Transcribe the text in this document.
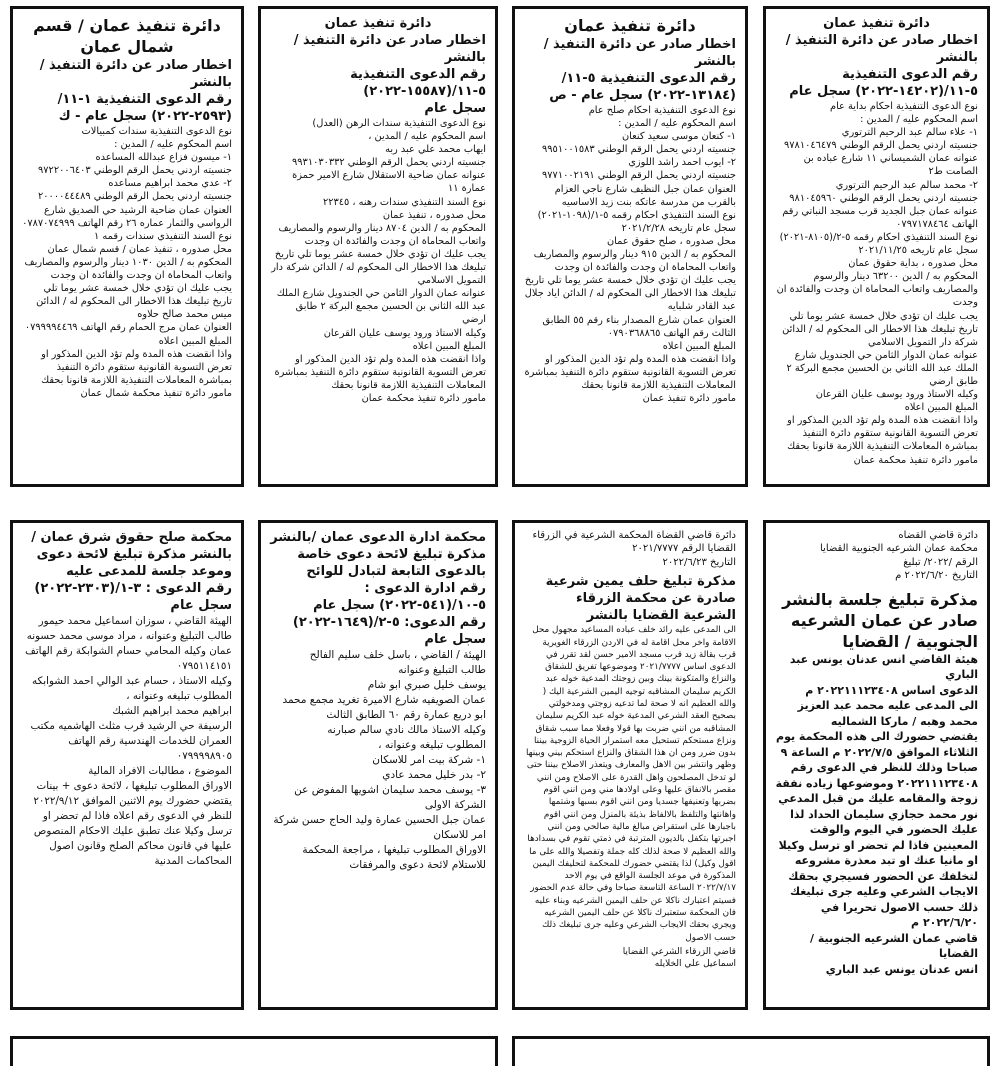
دائرة تنفيذ عمان

اخطار صادر عن دائرة التنفيذ / بالنشر

رقم الدعوى التنفيذية ٥-١١/(١٤٢٠٢-٢٠٢٢) سجل عام

نوع الدعوى التنفيذية احكام بداية عام

اسم المحكوم عليه / المدين :

١- علاء سالم عبد الرحيم الترتوري

جنسيته اردني يحمل الرقم الوطني ٩٧٨١٠٤٦٤٧٩

عنوانه عمان الشميساني ١١ شارع عباده بن الصامت ط٢

٢- محمد سالم عبد الرحيم الترتوري

جنسيته اردني يحمل الرقم الوطني ٩٨١٠٤٥٩٦٠

عنوانه عمان جبل الجديد قرب مسجد النباتي رقم الهاتف ٠٧٩٧١٧٨٤٦٤

نوع السند التنفيذي احكام رقمه ٥-٢/(٨١٠٥-٢٠٢١) سجل عام تاريخه ٢٠٢١/١١/٢٥

محل صدوره ، بداية حقوق عمان

المحكوم به / الدين ٦٣٢٠٠ دينار والرسوم والمصاريف واتعاب المحاماة ان وجدت والفائدة ان وجدت

يجب عليك ان تؤدي خلال خمسة عشر يوما تلي تاريخ تبليغك هذا الاخطار الى المحكوم له / الدائن شركة دار التمويل الاسلامي

عنوانه عمان الدوار الثامن حي الجندويل شارع الملك عبد الله الثاني بن الحسين مجمع البركة ٢ طابق ارضي

وكيله الاستاذ ورود يوسف عليان القرعان

المبلغ المبين اعلاه

واذا انقضت هذه المدة ولم تؤد الدين المذكور او تعرض التسوية القانونية ستقوم دائرة التنفيذ بمباشرة المعاملات التنفيذية اللازمة قانونا بحقك

مامور دائرة تنفيذ محكمة عمان

دائرة تنفيذ عمان

اخطار صادر عن دائرة التنفيذ / بالنشر

رقم الدعوى التنفيذية ٥-١١/ (١٣١٨٤-٢٠٢٢) سجل عام - ص

نوع الدعوى التنفيذية احكام صلح عام

اسم المحكوم عليه / المدين :

١- كنعان موسى سعيد كنعان

جنسيته اردني يحمل الرقم الوطني ٩٩٥١٠٠١٥٨٣

٢- ايوب احمد راشد اللوزي

جنسيته اردني يحمل الرقم الوطني ٩٧٧١٠٠٢١٩١

العنوان عمان جبل النظيف شارع ناجي العزام بالقرب من مدرسة عاتكه بنت زيد الاساسيه

نوع السند التنفيذي احكام رقمه ٥-١/(١٠٩٨-٢٠٢١) سجل عام تاريخه ٢٠٢١/٢/٢٨

محل صدوره ، صلح حقوق عمان

المحكوم به / الدين ٩١٥ دينار والرسوم والمصاريف واتعاب المحاماة ان وجدت والفائدة ان وجدت

يجب عليك ان تؤدي خلال خمسة عشر يوما تلي تاريخ تبليغك هذا الاخطار الى المحكوم له / الدائن اياد جلال عبد القادر شلبايه

العنوان عمان شارع المصدار بناء رقم ٥٥ الطابق الثالث رقم الهاتف ٠٧٩٠٣٦٨٨٦٥

المبلغ المبين اعلاه

واذا انقضت هذه المدة ولم تؤد الدين المذكور او تعرض التسوية القانونية ستقوم دائرة التنفيذ بمباشرة المعاملات التنفيذية اللازمة قانونا بحقك

مامور دائرة تنفيذ عمان

دائرة تنفيذ عمان

اخطار صادر عن دائرة التنفيذ / بالنشر

رقم الدعوى التنفيذية ٥-١١/(١٥٥٨٧-٢٠٢٢)

سجل عام

نوع الدعوى التنفيذية سندات الرهن (العدل)

اسم المحكوم عليه / المدين ،

ايهاب محمد علي عبد ربه

جنسيته اردني يحمل الرقم الوطني ٩٩٣١٠٣٠٣٣٢

عنوانه عمان ضاحية الاستقلال شارع الامير حمزة عمارة ١١

نوع السند التنفيذي سندات رهنه ، ٢٢٣٤٥

محل صدوره ، تنفيذ عمان

المحكوم به / الدين ٨٧٠٤ دينار والرسوم والمصاريف واتعاب المحاماة ان وجدت والفائدة ان وجدت

يجب عليك ان تؤدي خلال خمسة عشر يوما تلي تاريخ تبليغك هذا الاخطار الى المحكوم له / الدائن شركة دار التمويل الاسلامي

عنوانه عمان الدوار الثامن حي الجندويل شارع الملك عبد الله الثاني بن الحسين مجمع البركة ٢ طابق ارضي

وكيله الاستاذ ورود يوسف عليان القرعان

المبلغ المبين اعلاه

واذا انقضت هذه المدة ولم تؤد الدين المذكور او تعرض التسوية القانونية ستقوم دائرة التنفيذ بمباشرة المعاملات التنفيذية اللازمة قانونا بحقك

مامور دائرة تنفيذ محكمة عمان

دائرة تنفيذ عمان / قسم شمال عمان

اخطار صادر عن دائرة التنفيذ / بالنشر

رقم الدعوى التنفيذية ١-١١/ (٢٥٩٣-٢٠٢٢) سجل عام - ك

نوع الدعوى التنفيذية سندات كمبيالات

اسم المحكوم عليه / المدين :

١- ميسون فزاع عبدالله المساعده

جنسيته اردني يحمل الرقم الوطني ٩٧٢٢٠٠٦٤٠٣

٢- عدي محمد ابراهيم مساعده

جنسيته اردني يحمل الرقم الوطني ٢٠٠٠٠٤٤٤٨٩

العنوان عمان ضاحية الرشيد حي الصديق شارع الرواسي والثمار عماره ٢٦ رقم الهاتف ٠٧٨٧٠٧٤٩٩٩

نوع السند التنفيذي سندات رقمه ١

محل صدوره ، تنفيذ عمان / قسم شمال عمان

المحكوم به / الدين ١٠٣٠ دينار والرسوم والمصاريف واتعاب المحاماة ان وجدت والفائدة ان وجدت

يجب عليك ان تؤدي خلال خمسة عشر يوما تلي تاريخ تبليغك هذا الاخطار الى المحكوم له / الدائن ميس محمد صالح حلاوه

العنوان عمان مرج الحمام رقم الهاتف ٠٧٩٩٩٩٤٤٦٩

المبلغ المبين اعلاه

واذا انقضت هذه المدة ولم تؤد الدين المذكور او تعرض التسوية القانونية ستقوم دائرة التنفيذ بمباشرة المعاملات التنفيذية اللازمة قانونا بحقك

مامور دائرة تنفيذ محكمة شمال عمان

دائرة قاضي القضاه

محكمة عمان الشرعيه الجنوبية القضايا

الرقم /٢٠٢٢/ تبليغ

التاريخ ٢٠٢٢/٦/٢٠ م

مذكرة تبليغ جلسة بالنشر صادر عن عمان الشرعيه الجنوبية / القضايا

هيئة القاضي انس عدنان يونس عبد الباري

الدعوى اساس ٢٠٢٢١١١٢٣٤٠٨ م

الى المدعى عليه محمد عبد العزيز محمد وهبه / ماركا الشماليه

يقتضي حضورك الى هذه المحكمة يوم الثلاثاء الموافق ٢٠٢٢/٧/٥ م الساعة ٩ صباحا وذلك للنظر في الدعوى رقم ٢٠٢٢١١١٢٣٤٠٨ وموضوعها زياده نفقة زوجة والمقامه عليك من قبل المدعي نور محمد حجازي سليمان الحداد لذا عليك الحضور في اليوم والوقت المعينين فاذا لم تحضر او ترسل وكيلا او مانيا عنك او تبد معذرة مشروعه لتخلفك عن الحضور فسيجري بحقك الايجاب الشرعي وعليه جرى تبليغك ذلك حسب الاصول تحريرا في ٢٠٢٢/٦/٢٠ م

قاضي عمان الشرعيه الجنوبية / القضايا

انس عدنان يونس عبد الباري

دائرة قاضي القضاة المحكمة الشرعية في الزرقاء

القضايا الرقم ٢٠٢١/٧٧٧٧

التاريخ ٢٠٢٢/٦/٢٣

مذكرة تبليغ حلف يمين شرعية صادرة عن محكمة الزرقاء الشرعية القضايا بالنشر

الى المدعى عليه رائد خلف عباده المساعيد مجهول محل الاقامة واخر محل اقامة له في الاردن الزرقاء الغويرية قرب بقالة زيد قرب مسجد الامير حسن لقد تقرر في الدعوى اساس ٢٠٢١/٧٧٧٧ وموضوعها تفريق للشقاق والنزاع والمتكونة بينك وبين زوجتك المدعية خوله عبد الكريم سليمان المشاقبه توجيه اليمين الشرعية اليك ( والله العظيم انه لا صحة لما تدعيه زوجتي ومدخولتي بصحيح العقد الشرعي المدعية خوله عبد الكريم سليمان المشاقبه من انني ضربت بها قولا وفعلا مما سبب شقاق ونزاع مستحكم تستحيل معه استمرار الحياة الزوجية بيننا بدون ضرر ومن ان هذا الشقاق والنزاع استحكم بيني وبينها وظهر وانتشر بين الاهل والمعارف ويتعذر الاصلاح بيننا حتى لو تدخل المصلحون واهل القدرة على الاصلاح ومن انني مقصر بالانفاق عليها وعلى اولادها مني ومن انني اقوم بضربها وتعنيفها جسديا ومن انني اقوم بسبها وشتمها واهانتها والتلفظ بالالفاظ بذيئة بالمنزل ومن انني اقوم باجبارها على استقراض مبالغ مالية صالحي ومن انني اجبرتها بتكفل بالديون المترتبة في ذمتي تقوم في بسدادها والله العظيم لا صحة لذلك كله جملة وتفصيلا والله على ما اقول وكيل) لذا يقتضي حضورك للمحكمة لتحليفك اليمين المذكورة في موعد الجلسة الواقع في يوم الاحد ٢٠٢٢/٧/١٧ الساعة التاسعة صباحا وفي حالة عدم الحضور فسيتم اعتبارك ناكلا عن حلف اليمين الشرعيه وبناء عليه فان المحكمة ستعتبرك ناكلا عن حلف اليمين الشرعيه ويجري بحقك الايجاب الشرعي وعليه جرى تبليغك ذلك حسب الاصول

قاضي الزرقاء الشرعي القضايا

اسماعيل علي الخلايله

محكمة ادارة الدعوى عمان /بالنشر

مذكرة تبليغ لائحة دعوى خاصة بالدعوى التابعة لتبادل للوائح

رقم ادارة الدعوى : ٥-١٠/(٥٤١-٢٠٢٢) سجل عام

رقم الدعوى: ٥-٢/(١٦٤٩-٢٠٢٢)

سجل عام

الهيئة / القاضي ، باسل خلف سليم الفالح

طالب التبليغ وعنوانه

يوسف خليل صبري ابو شام

عمان الصويفيه شارع الاميرة تغريد مجمع محمد ابو دريع عمارة رقم ٦٠ الطابق الثالث

وكيله الاستاذ مالك نادي سالم صبارنه

المطلوب تبليغه وعنوانه ،

١- شركة بيت امر للاسكان

٢- بدر خليل محمد عادي

٣- يوسف محمد سليمان اشويها المفوض عن الشركة الاولى

عمان جبل الحسين عمارة وليد الحاج حسن شركة امر للاسكان

الاوراق المطلوب تبليغها ، مراجعة المحكمة للاستلام لائحة دعوى والمرفقات

محكمة صلح حقوق شرق عمان / بالنشر مذكرة تبليغ لائحة دعوى وموعد جلسة للمدعى عليه

رقم الدعوى : ٣-١/(٢٣٠٣-٢٠٢٢)

سجل عام

الهيئة القاضي ، سوزان اسماعيل محمد حيمور

طالب التبليغ وعنوانه ، مراد موسى محمد حسونه

عمان وكيله المحامي حسام الشوابكة رقم الهاتف ٠٧٩٥١١٤١٥١

وكيله الاستاذ ، حسام عبد الوالي احمد الشوابكه

المطلوب تبليغه وعنوانه ،

ابراهيم محمد ابراهيم الشبك

الرسيفة حي الرشيد قرب مثلث الهاشميه مكتب العمران للخدمات الهندسية رقم الهاتف ٠٧٩٩٩٩٨٩٠٥

الموضوع ، مطالبات الافراد المالية

الاوراق المطلوب تبليغها ، لائحة دعوى + بينات يقتضي حضورك يوم الاثنين الموافق ٢٠٢٢/٩/١٢

للنظر في الدعوى رقم اعلاه فاذا لم تحضر او ترسل وكيلا عنك تطبق عليك الاحكام المنصوص عليها في قانون محاكم الصلح وقانون اصول المحاكمات المدنية
